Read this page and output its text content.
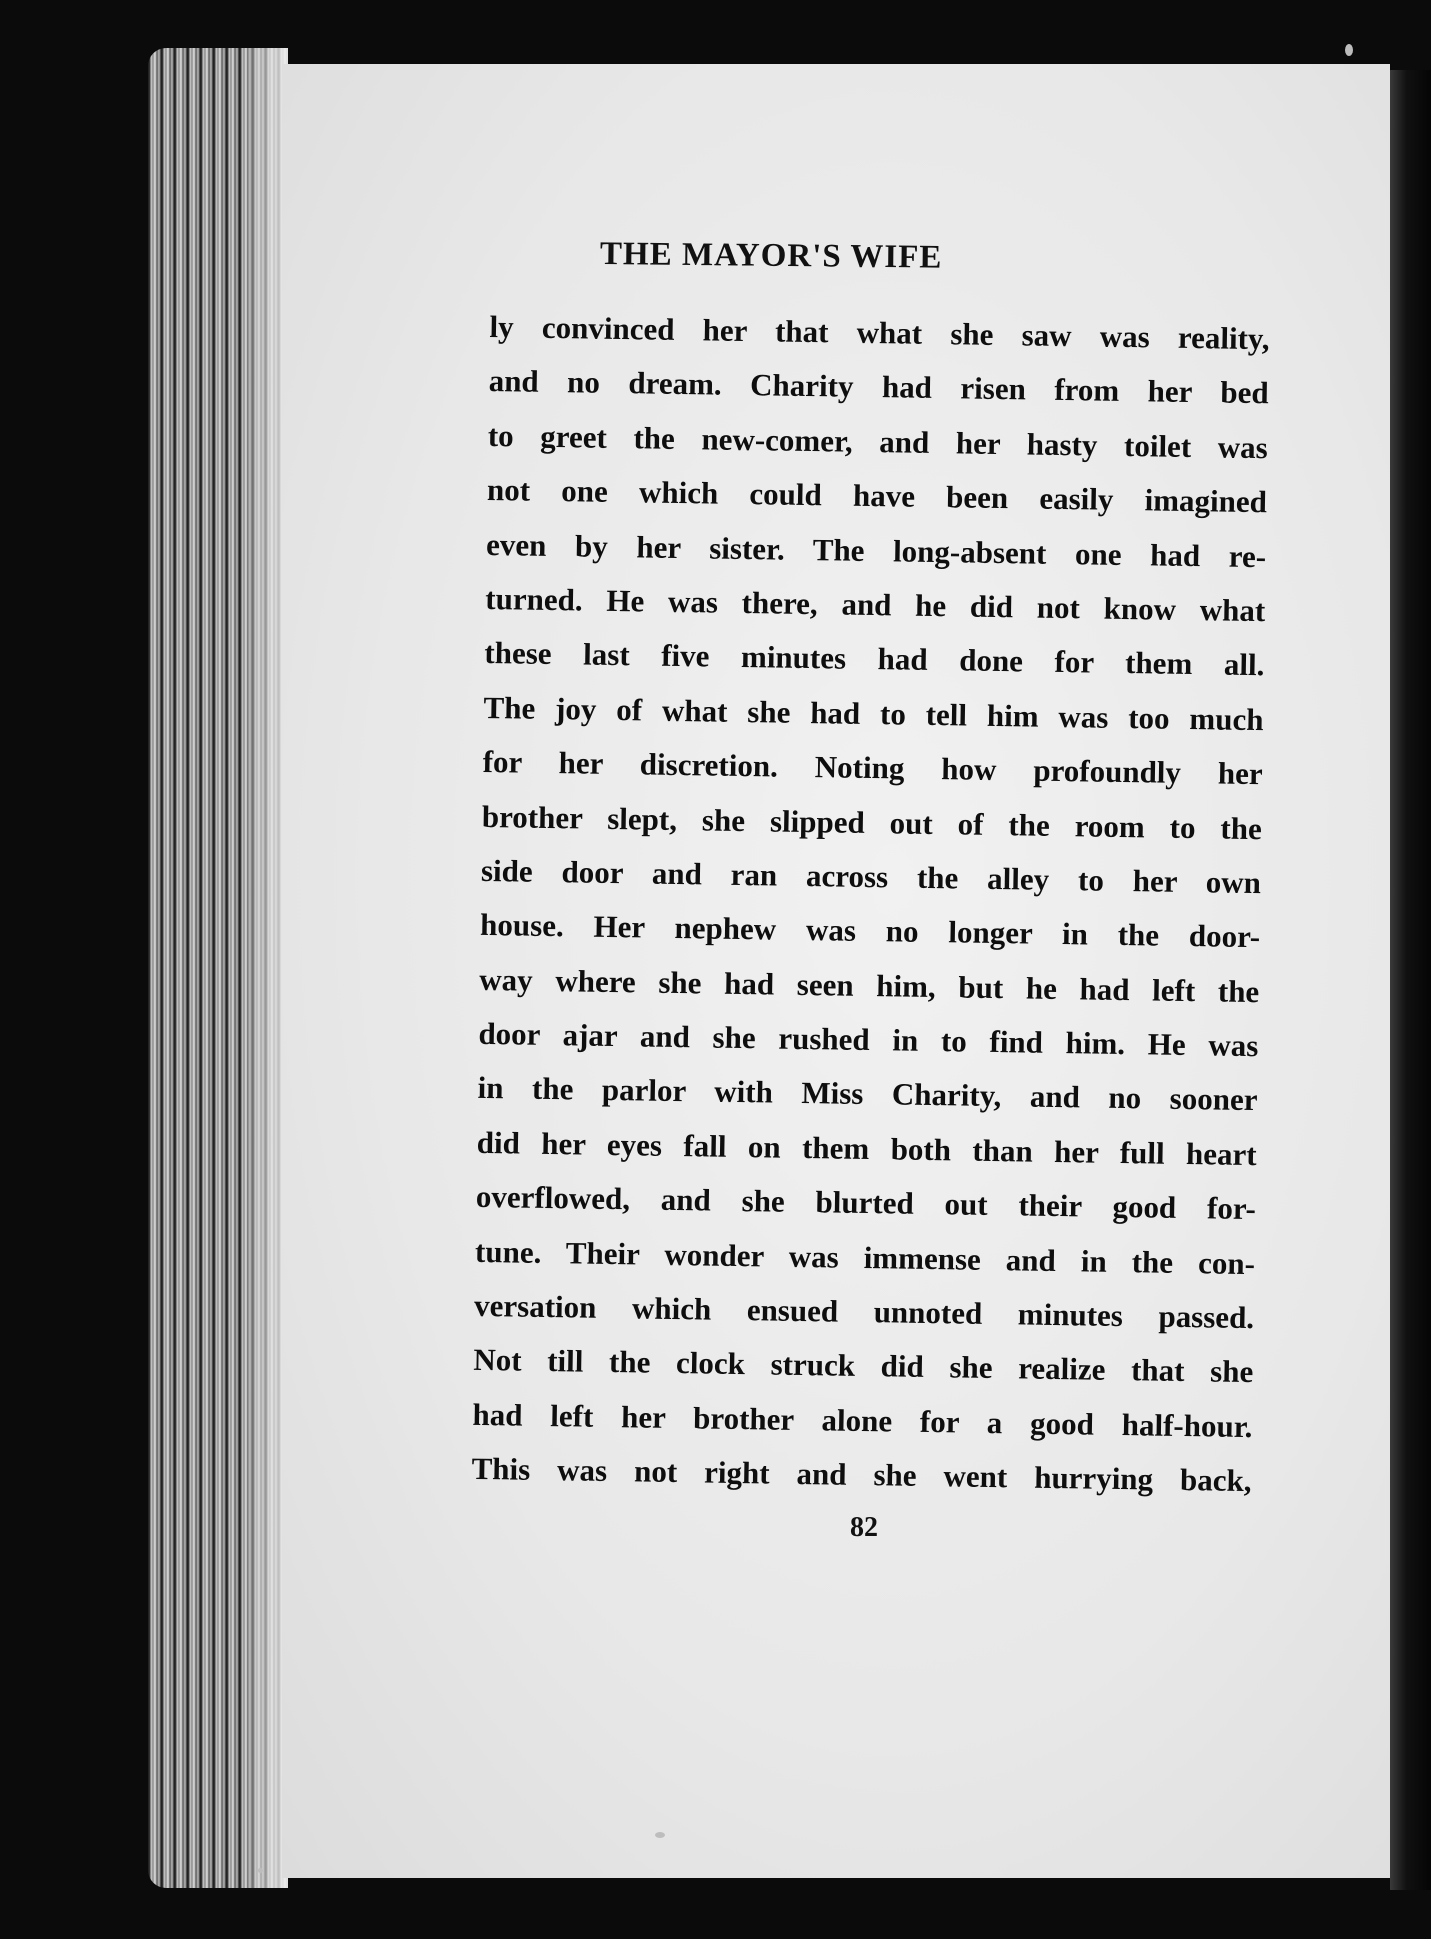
THE MAYOR'S WIFE
ly convinced her that what she saw was reality,
and no dream. Charity had risen from her bed
to greet the new-comer, and her hasty toilet was
not one which could have been easily imagined
even by her sister. The long-absent one had re-
turned. He was there, and he did not know what
these last five minutes had done for them all.
The joy of what she had to tell him was too much
for her discretion. Noting how profoundly her
brother slept, she slipped out of the room to the
side door and ran across the alley to her own
house. Her nephew was no longer in the door-
way where she had seen him, but he had left the
door ajar and she rushed in to find him. He was
in the parlor with Miss Charity, and no sooner
did her eyes fall on them both than her full heart
overflowed, and she blurted out their good for-
tune. Their wonder was immense and in the con-
versation which ensued unnoted minutes passed.
Not till the clock struck did she realize that she
had left her brother alone for a good half-hour.
This was not right and she went hurrying back,
82
